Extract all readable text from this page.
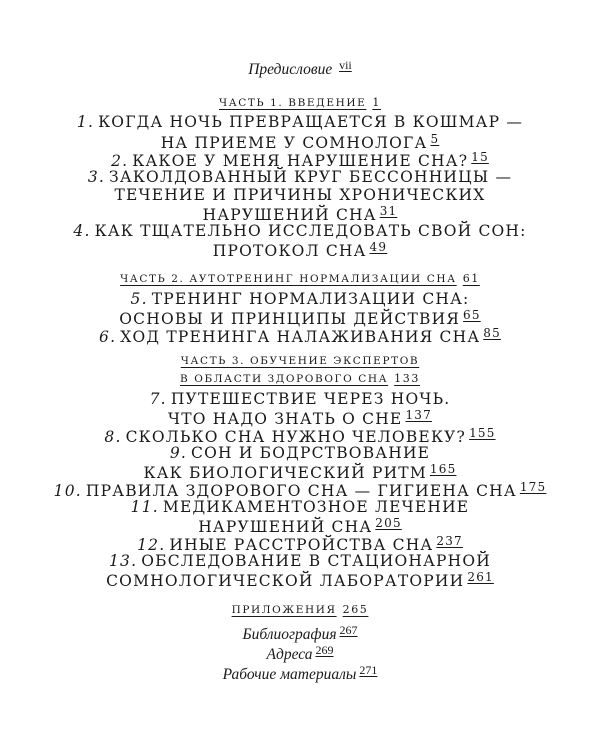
Предисловие $^{vii}$
ЧАСТЬ 1. ВВЕДЕНИЕ 1
1. КОГДА НОЧЬ ПРЕВРАЩАЕТСЯ В КОШМАР —
НА ПРИЕМЕ У СОМНОЛОГА $^5$
2. КАКОЕ У МЕНЯ НАРУШЕНИЕ СНА? $^{15}$
3. ЗАКОЛДОВАННЫЙ КРУГ БЕССОННИЦЫ —
ТЕЧЕНИЕ И ПРИЧИНЫ ХРОНИЧЕСКИХ
НАРУШЕНИЙ СНА $^{31}$
4. КАК ТЩАТЕЛЬНО ИССЛЕДОВАТЬ СВОЙ СОН:
ПРОТОКОЛ СНА $^{49}$
ЧАСТЬ 2. АУТОТРЕНИНГ НОРМАЛИЗАЦИИ СНА 61
5. ТРЕНИНГ НОРМАЛИЗАЦИИ СНА:
ОСНОВЫ И ПРИНЦИПЫ ДЕЙСТВИЯ $^{65}$
6. ХОД ТРЕНИНГА НАЛАЖИВАНИЯ СНА $^{85}$
ЧАСТЬ 3. ОБУЧЕНИЕ ЭКСПЕРТОВ
В ОБЛАСТИ ЗДОРОВОГО СНА 133
7. ПУТЕШЕСТВИЕ ЧЕРЕЗ НОЧЬ.
ЧТО НАДО ЗНАТЬ О СНЕ $^{137}$
8. СКОЛЬКО СНА НУЖНО ЧЕЛОВЕКУ? $^{155}$
9. СОН И БОДРСТВОВАНИЕ
КАК БИОЛОГИЧЕСКИЙ РИТМ $^{165}$
10. ПРАВИЛА ЗДОРОВОГО СНА — ГИГИЕНА СНА $^{175}$
11. МЕДИКАМЕНТОЗНОЕ ЛЕЧЕНИЕ
НАРУШЕНИЙ СНА $^{205}$
12. ИНЫЕ РАССТРОЙСТВА СНА $^{237}$
13. ОБСЛЕДОВАНИЕ В СТАЦИОНАРНОЙ
СОМНОЛОГИЧЕСКОЙ ЛАБОРАТОРИИ $^{261}$
ПРИЛОЖЕНИЯ 265
Библиография $^{267}$
Адреса $^{269}$
Рабочие материалы $^{271}$
